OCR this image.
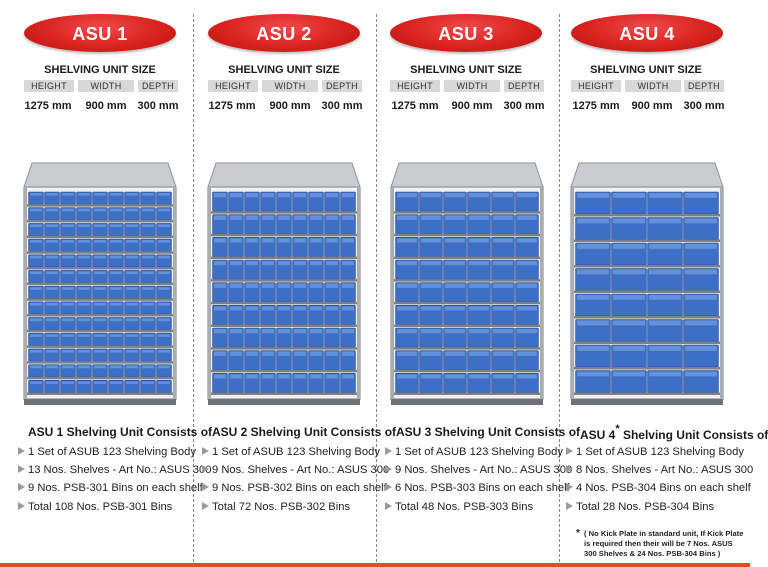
ASU 1
SHELVING UNIT SIZE
HEIGHT	WIDTH	DEPTH
1275 mm	900 mm	300 mm
ASU 1 Shelving Unit Consists of
1 Set of ASUB 123 Shelving Body
13 Nos. Shelves - Art No.: ASUS 300
9 Nos. PSB-301 Bins on each shelf
Total 108 Nos. PSB-301 Bins
ASU 2
SHELVING UNIT SIZE
HEIGHT	WIDTH	DEPTH
1275 mm	900 mm	300 mm
ASU 2 Shelving Unit Consists of
1 Set of ASUB 123 Shelving Body
9 Nos. Shelves - Art No.: ASUS 300
9 Nos. PSB-302 Bins on each shelf
Total 72 Nos. PSB-302 Bins
ASU 3
SHELVING UNIT SIZE
HEIGHT	WIDTH	DEPTH
1275 mm	900 mm	300 mm
ASU 3 Shelving Unit Consists of
1 Set of ASUB 123 Shelving Body
9 Nos. Shelves - Art No.: ASUS 300
6 Nos. PSB-303 Bins on each shelf
Total 48 Nos. PSB-303 Bins
ASU 4
SHELVING UNIT SIZE
HEIGHT	WIDTH	DEPTH
1275 mm	900 mm	300 mm
ASU 4* Shelving Unit Consists of
1 Set of ASUB 123 Shelving Body
8 Nos. Shelves - Art No.: ASUS 300
4 Nos. PSB-304 Bins on each shelf
Total 28 Nos. PSB-304 Bins
* ( No Kick Plate in standard unit, If Kick Plate is required then their will be 7 Nos. ASUS 300 Shelves & 24 Nos. PSB-304 Bins )
